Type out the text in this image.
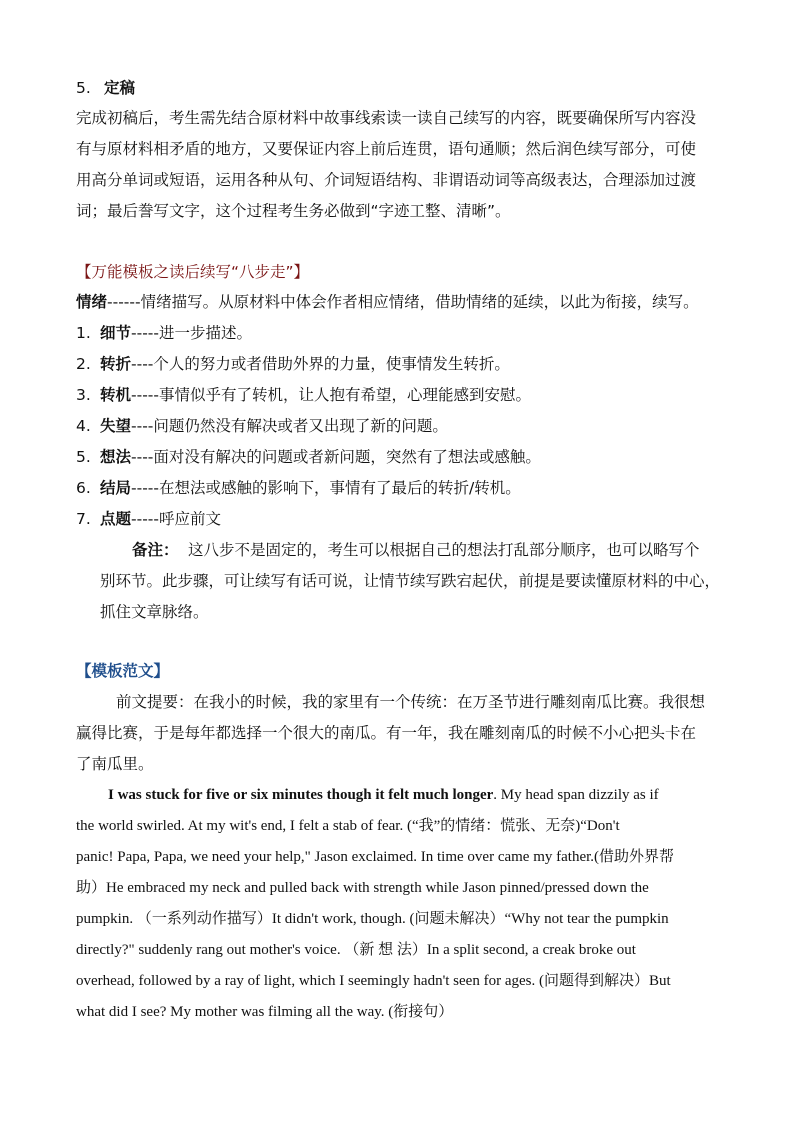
5. 定稿
完成初稿后，考生需先结合原材料中故事线索读一读自己续写的内容，既要确保所写内容没
有与原材料相矛盾的地方，又要保证内容上前后连贯，语句通顺；然后润色续写部分，可使
用高分单词或短语，运用各种从句、介词短语结构、非谓语动词等高级表达，合理添加过渡
词；最后誊写文字，这个过程考生务必做到“字迹工整、清晰”。
【万能模板之读后续写“八步走”】
情绪------情绪描写。从原材料中体会作者相应情绪，借助情绪的延续，以此为衔接，续写。
1. 细节-----进一步描述。
2. 转折----个人的努力或者借助外界的力量，使事情发生转折。
3. 转机-----事情似乎有了转机，让人抱有希望，心理能感到安慰。
4. 失望----问题仍然没有解决或者又出现了新的问题。
5. 想法----面对没有解决的问题或者新问题，突然有了想法或感触。
6. 结局-----在想法或感触的影响下，事情有了最后的转折/转机。
7. 点题-----呼应前文
备注： 这八步不是固定的，考生可以根据自己的想法打乱部分顺序，也可以略写个
别环节。此步骤，可让续写有话可说，让情节续写跌宕起伏，前提是要读懂原材料的中心，
抓住文章脉络。
【模板范文】
前文提要：在我小的时候，我的家里有一个传统：在万圣节进行雕刻南瓜比赛。我很想
赢得比赛，于是每年都选择一个很大的南瓜。有一年，我在雕刻南瓜的时候不小心把头卡在
了南瓜里。
I was stuck for five or six minutes though it felt much longer. My head span dizzily as if
the world swirled. At my wit's end, I felt a stab of fear. (“我”的情绪：慌张、无奈)“Don't
panic! Papa, Papa, we need your help," Jason exclaimed. In time over came my father.(借助外界帮
助）He embraced my neck and pulled back with strength while Jason pinned/pressed down the
pumpkin. （一系列动作描写）It didn't work, though. (问题未解决）“Why not tear the pumpkin
directly?" suddenly rang out mother's voice. （新 想 法）In a split second, a creak broke out
overhead, followed by a ray of light, which I seemingly hadn't seen for ages. (问题得到解决）But
what did I see? My mother was filming all the way. (衔接句）
